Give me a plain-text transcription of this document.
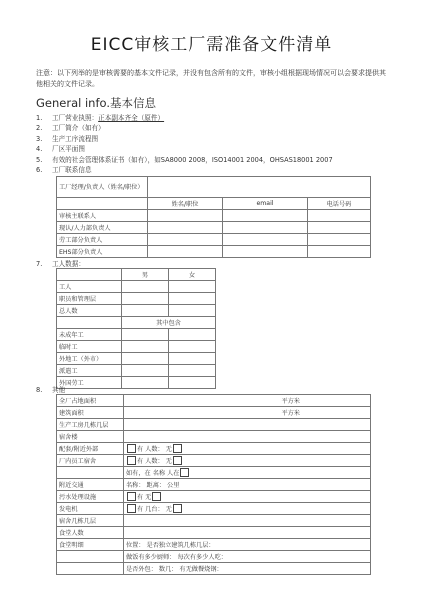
EICC审核工厂需准备文件清单
注意：以下列举的是审核需要的基本文件记录，并没有包含所有的文件，审核小组根据现场情况可以会要求提供其他相关的文件记录。
General info.基本信息
1.	工厂营业执照： 正本副本齐全（原件）
2.	工厂简介（如有）
3.	生产工序流程图
4.	厂区平面图
5.	有效的社会管理体系证书（如有），如SA8000 2008，ISO14001 2004，OHSAS18001 2007
6.	工厂联系信息
工厂经理/负责人（姓名/职位）			
	姓名/职位	email	电话号码
审核主联系人			
现认/人力部负责人			
劳工部分负责人			
EHS部分负责人			
7. 工人数据：
	男	女
工人		
职员和管理层		
总人数		
	其中包含	
未成年工		
临时工		
外地工（外市）		
派遣工		
外国劳工		
8. 其他
全厂占地面积	平方米
建筑面积	平方米
生产工房几栋几层	
宿舍楼	
配套/附近外部	有 人数： 无
厂内员工宿舍	有 人数： 无
	如有，在 名称 人在
附近交通	名称： 距离： 公里
污水处理设施	有 无
发电机	有 几台： 无
宿舍几栋几层	
食堂人数	
食堂明细	位置： 是否独立建筑几栋几层：
	做饭有多少厨师： 每次有多少人吃：
	是否外包： 数几： 有无做餐烧钢：
